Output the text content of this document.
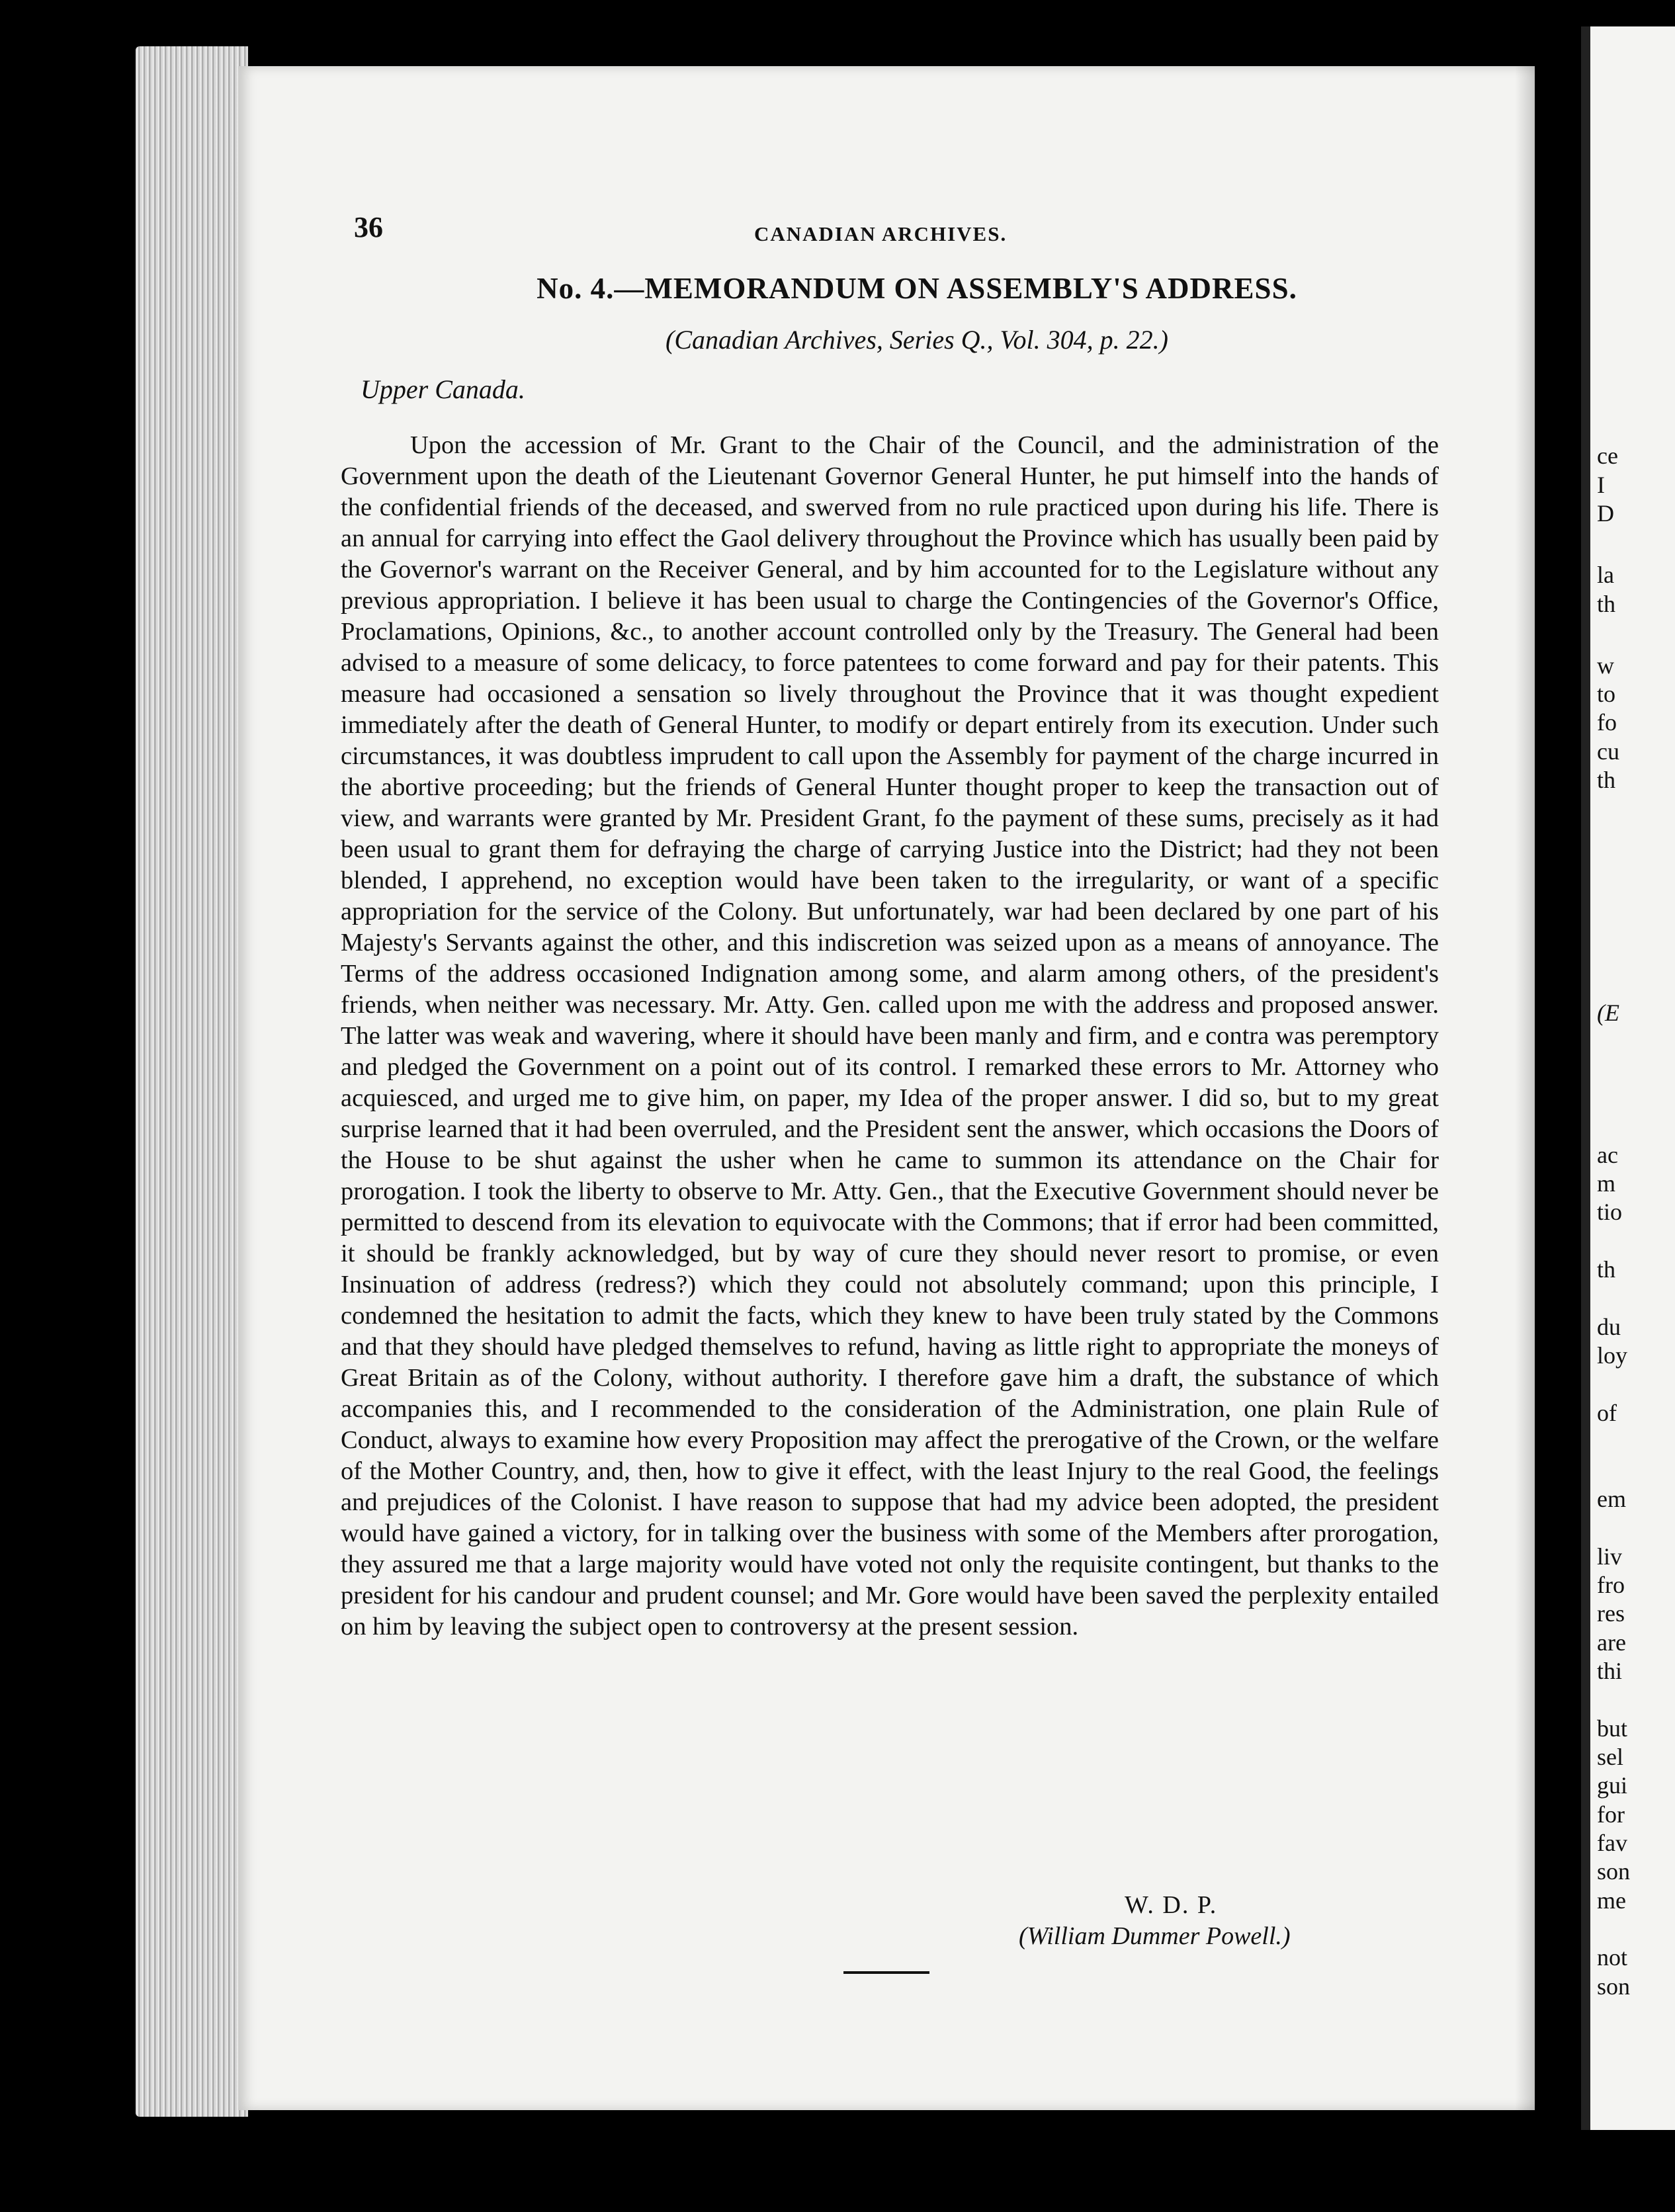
ce
I
D
la
th
w
to
fo
cu
th
(E
ac
m
tio
th
du
loy
of
em
liv
fro
res
are
thi
but
sel
gui
for
fav
son
me
not
son
36	CANADIAN ARCHIVES.
No. 4.—MEMORANDUM ON ASSEMBLY'S ADDRESS.
(Canadian Archives, Series Q., Vol. 304, p. 22.)
Upper Canada.

Upon the accession of Mr. Grant to the Chair of the Council, and the administration of the Government upon the death of the Lieutenant Governor General Hunter, he put himself into the hands of the confidential friends of the deceased, and swerved from no rule practiced upon during his life. There is an annual for carrying into effect the Gaol delivery throughout the Province which has usually been paid by the Governor's warrant on the Receiver General, and by him accounted for to the Legislature without any previous appropriation. I believe it has been usual to charge the Contingencies of the Governor's Office, Proclamations, Opinions, &c., to another account controlled only by the Treasury. The General had been advised to a measure of some delicacy, to force patentees to come forward and pay for their patents. This measure had occasioned a sensation so lively throughout the Province that it was thought expedient immediately after the death of General Hunter, to modify or depart entirely from its execution. Under such circumstances, it was doubtless imprudent to call upon the Assembly for payment of the charge incurred in the abortive proceeding; but the friends of General Hunter thought proper to keep the transaction out of view, and warrants were granted by Mr. President Grant, fo the payment of these sums, precisely as it had been usual to grant them for defraying the charge of carrying Justice into the District; had they not been blended, I apprehend, no exception would have been taken to the irregularity, or want of a specific appropriation for the service of the Colony. But unfortunately, war had been declared by one part of his Majesty's Servants against the other, and this indiscretion was seized upon as a means of annoyance. The Terms of the address occasioned Indignation among some, and alarm among others, of the president's friends, when neither was necessary. Mr. Atty. Gen. called upon me with the address and proposed answer. The latter was weak and wavering, where it should have been manly and firm, and e contra was peremptory and pledged the Government on a point out of its control. I remarked these errors to Mr. Attorney who acquiesced, and urged me to give him, on paper, my Idea of the proper answer. I did so, but to my great surprise learned that it had been overruled, and the President sent the answer, which occasions the Doors of the House to be shut against the usher when he came to summon its attendance on the Chair for prorogation. I took the liberty to observe to Mr. Atty. Gen., that the Executive Government should never be permitted to descend from its elevation to equivocate with the Commons; that if error had been committed, it should be frankly acknowledged, but by way of cure they should never resort to promise, or even Insinuation of address (redress?) which they could not absolutely command; upon this principle, I condemned the hesitation to admit the facts, which they knew to have been truly stated by the Commons and that they should have pledged themselves to refund, having as little right to appropriate the moneys of Great Britain as of the Colony, without authority. I therefore gave him a draft, the substance of which accompanies this, and I recommended to the consideration of the Administration, one plain Rule of Conduct, always to examine how every Proposition may affect the prerogative of the Crown, or the welfare of the Mother Country, and, then, how to give it effect, with the least Injury to the real Good, the feelings and prejudices of the Colonist. I have reason to suppose that had my advice been adopted, the president would have gained a victory, for in talking over the business with some of the Members after prorogation, they assured me that a large majority would have voted not only the requisite contingent, but thanks to the president for his candour and prudent counsel; and Mr. Gore would have been saved the perplexity entailed on him by leaving the subject open to controversy at the present session.

W. D. P.
(William Dummer Powell.)
